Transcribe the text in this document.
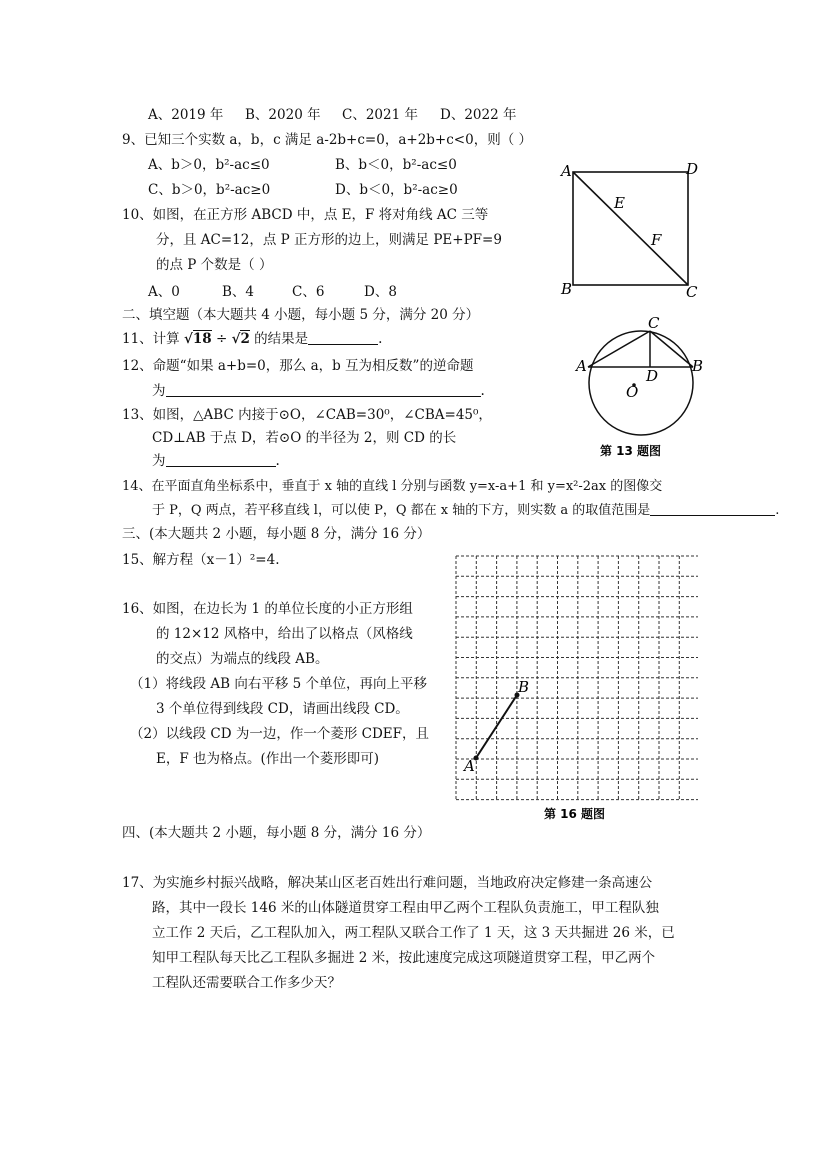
A、2019 年 B、2020 年 C、2021 年 D、2022 年
9、已知三个实数 a，b，c 满足 a-2b+c=0，a+2b+c<0，则（ ）
A、b＞0，b²-ac≤0	B、b＜0，b²-ac≤0
C、b＞0，b²-ac≥0	D、b＜0，b²-ac≥0
10、如图，在正方形 ABCD 中，点 E，F 将对角线 AC 三等
分，且 AC=12，点 P 正方形的边上，则满足 PE+PF=9
的点 P 个数是（ ）
A、0	B、4	C、6	D、8
二、填空题（本大题共 4 小题，每小题 5 分，满分 20 分）
11、计算 √18 ÷ √2 的结果是	.
12、命题“如果 a+b=0，那么 a，b 互为相反数”的逆命题
为	.
13、如图，△ABC 内接于⊙O，∠CAB=30⁰，∠CBA=45⁰，
CD⊥AB 于点 D，若⊙O 的半径为 2，则 CD 的长
为	.
14、在平面直角坐标系中，垂直于 x 轴的直线 l 分别与函数 y=x-a+1 和 y=x²-2ax 的图像交
于 P，Q 两点，若平移直线 l，可以使 P，Q 都在 x 轴的下方，则实数 a 的取值范围是	.
三、(本大题共 2 小题，每小题 8 分，满分 16 分）
15、解方程（x－1）²=4.
16、如图，在边长为 1 的单位长度的小正方形组
的 12×12 风格中，给出了以格点（风格线
的交点）为端点的线段 AB。
（1）将线段 AB 向右平移 5 个单位，再向上平移
3 个单位得到线段 CD，请画出线段 CD。
（2）以线段 CD 为一边，作一个菱形 CDEF，且
E，F 也为格点。(作出一个菱形即可)
四、(本大题共 2 小题，每小题 8 分，满分 16 分）
17、为实施乡村振兴战略，解决某山区老百姓出行难问题，当地政府决定修建一条高速公
路，其中一段长 146 米的山体隧道贯穿工程由甲乙两个工程队负责施工，甲工程队独
立工作 2 天后，乙工程队加入，两工程队又联合工作了 1 天，这 3 天共掘进 26 米，已
知甲工程队每天比乙工程队多掘进 2 米，按此速度完成这项隧道贯穿工程，甲乙两个
工程队还需要联合工作多少天？
A
B	C
D
E
F
A	B
C
D
O
第 13 题图
A
B
第 16 题图
